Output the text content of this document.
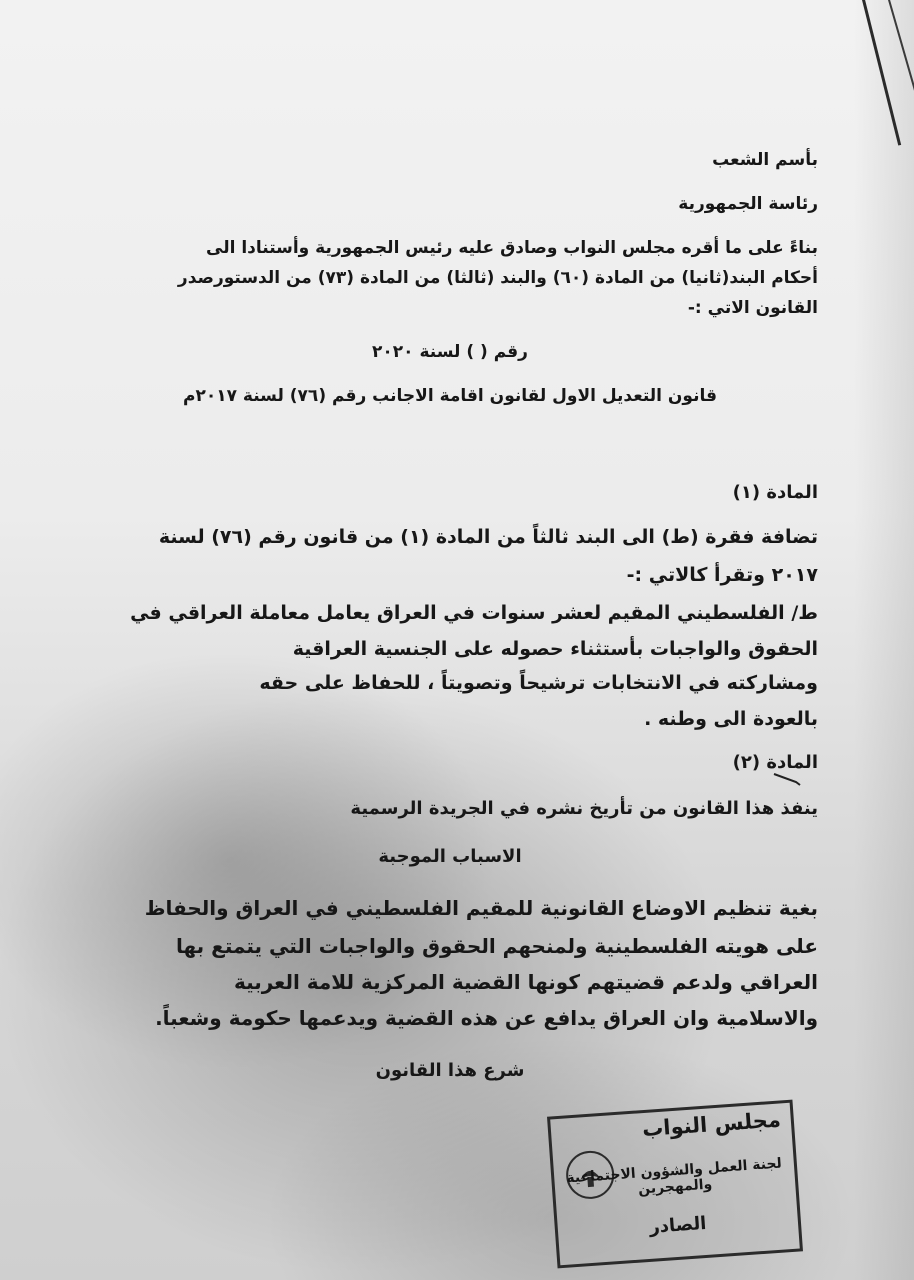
بأسم الشعب
رئاسة الجمهورية
بناءً على ما أقره مجلس النواب وصادق عليه رئيس الجمهورية وأستنادا الى
أحكام البند(ثانيا) من المادة (٦٠) والبند (ثالثا) من المادة (٧٣) من الدستورصدر
القانون الاتي :-
رقم ( ) لسنة ٢٠٢٠
قانون التعديل الاول لقانون اقامة الاجانب رقم (٧٦) لسنة ٢٠١٧م
المادة (١)
تضافة فقرة (ط) الى البند ثالثاً من المادة (١) من قانون رقم (٧٦) لسنة
٢٠١٧ وتقرأ كالاتي :-
ط/ الفلسطيني المقيم لعشر سنوات في العراق يعامل معاملة العراقي في
الحقوق والواجبات بأستثناء حصوله على الجنسية العراقية
ومشاركته في الانتخابات ترشيحاً وتصويتاً ، للحفاظ على حقه
بالعودة الى وطنه .
المادة (٢)
ينفذ هذا القانون من تأريخ نشره في الجريدة الرسمية
الاسباب الموجبة
بغية تنظيم الاوضاع القانونية للمقيم الفلسطيني في العراق والحفاظ
على هويته الفلسطينية ولمنحهم الحقوق والواجبات التي يتمتع بها
العراقي ولدعم قضيتهم كونها القضية المركزية للامة العربية
والاسلامية وان العراق يدافع عن هذه القضية ويدعمها حكومة وشعباً.
شرع هذا القانون
مجلس النواب
لجنة العمل والشؤون الاجتماعية والمهجرين
الصادر
